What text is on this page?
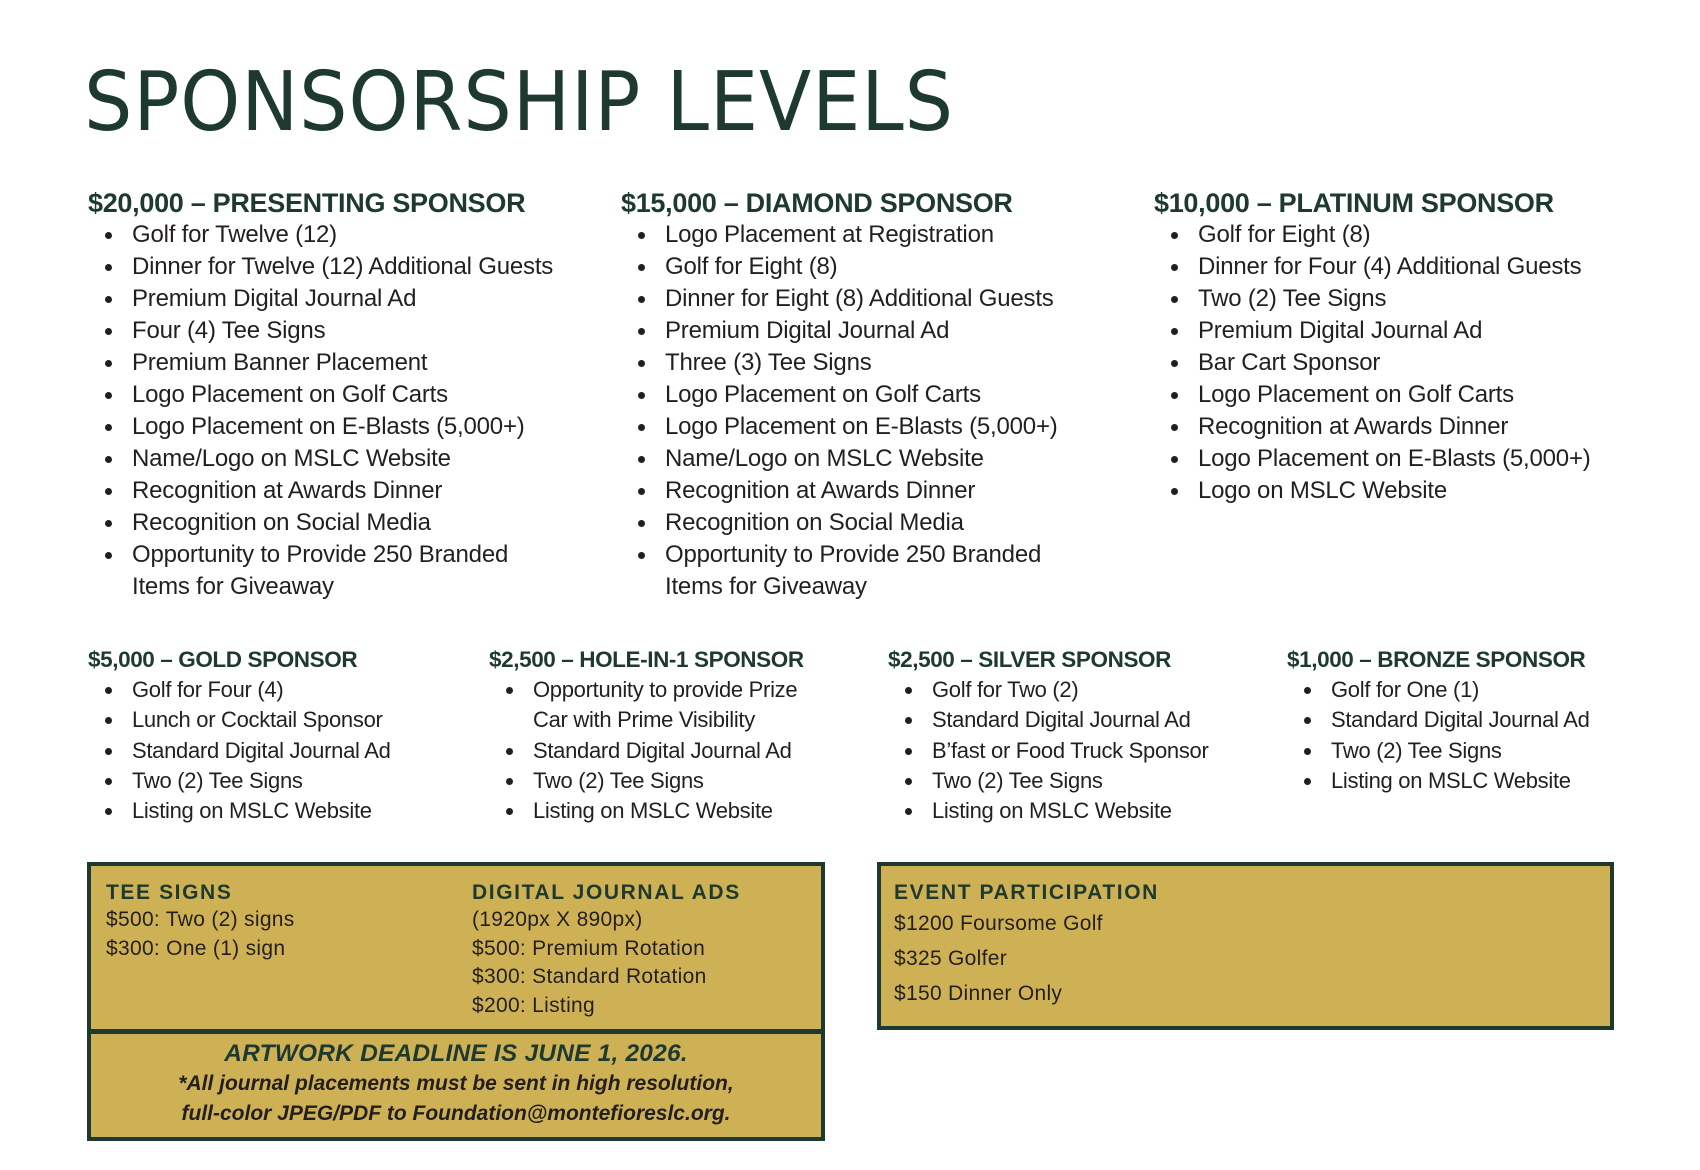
SPONSORSHIP LEVELS
$20,000 – PRESENTING SPONSOR
Golf for Twelve (12)
Dinner for Twelve (12) Additional Guests
Premium Digital Journal Ad
Four (4) Tee Signs
Premium Banner Placement
Logo Placement on Golf Carts
Logo Placement on E-Blasts (5,000+)
Name/Logo on MSLC Website
Recognition at Awards Dinner
Recognition on Social Media
Opportunity to Provide 250 Branded
Items for Giveaway
$15,000 – DIAMOND SPONSOR
Logo Placement at Registration
Golf for Eight (8)
Dinner for Eight (8) Additional Guests
Premium Digital Journal Ad
Three (3) Tee Signs
Logo Placement on Golf Carts
Logo Placement on E-Blasts (5,000+)
Name/Logo on MSLC Website
Recognition at Awards Dinner
Recognition on Social Media
Opportunity to Provide 250 Branded
Items for Giveaway
$10,000 – PLATINUM SPONSOR
Golf for Eight (8)
Dinner for Four (4) Additional Guests
Two (2) Tee Signs
Premium Digital Journal Ad
Bar Cart Sponsor
Logo Placement on Golf Carts
Recognition at Awards Dinner
Logo Placement on E-Blasts (5,000+)
Logo on MSLC Website
$5,000 – GOLD SPONSOR
Golf for Four (4)
Lunch or Cocktail Sponsor
Standard Digital Journal Ad
Two (2) Tee Signs
Listing on MSLC Website
$2,500 – HOLE-IN-1 SPONSOR
Opportunity to provide Prize
Car with Prime Visibility
Standard Digital Journal Ad
Two (2) Tee Signs
Listing on MSLC Website
$2,500 – SILVER SPONSOR
Golf for Two (2)
Standard Digital Journal Ad
B’fast or Food Truck Sponsor
Two (2) Tee Signs
Listing on MSLC Website
$1,000 – BRONZE SPONSOR
Golf for One (1)
Standard Digital Journal Ad
Two (2) Tee Signs
Listing on MSLC Website
TEE SIGNS
$500: Two (2) signs
$300: One (1) sign
DIGITAL JOURNAL ADS
(1920px X 890px)
$500: Premium Rotation
$300: Standard Rotation
$200: Listing
ARTWORK DEADLINE IS JUNE 1, 2026.
*All journal placements must be sent in high resolution,
full-color JPEG/PDF to Foundation@montefioreslc.org.
EVENT PARTICIPATION
$1200 Foursome Golf
$325 Golfer
$150 Dinner Only
